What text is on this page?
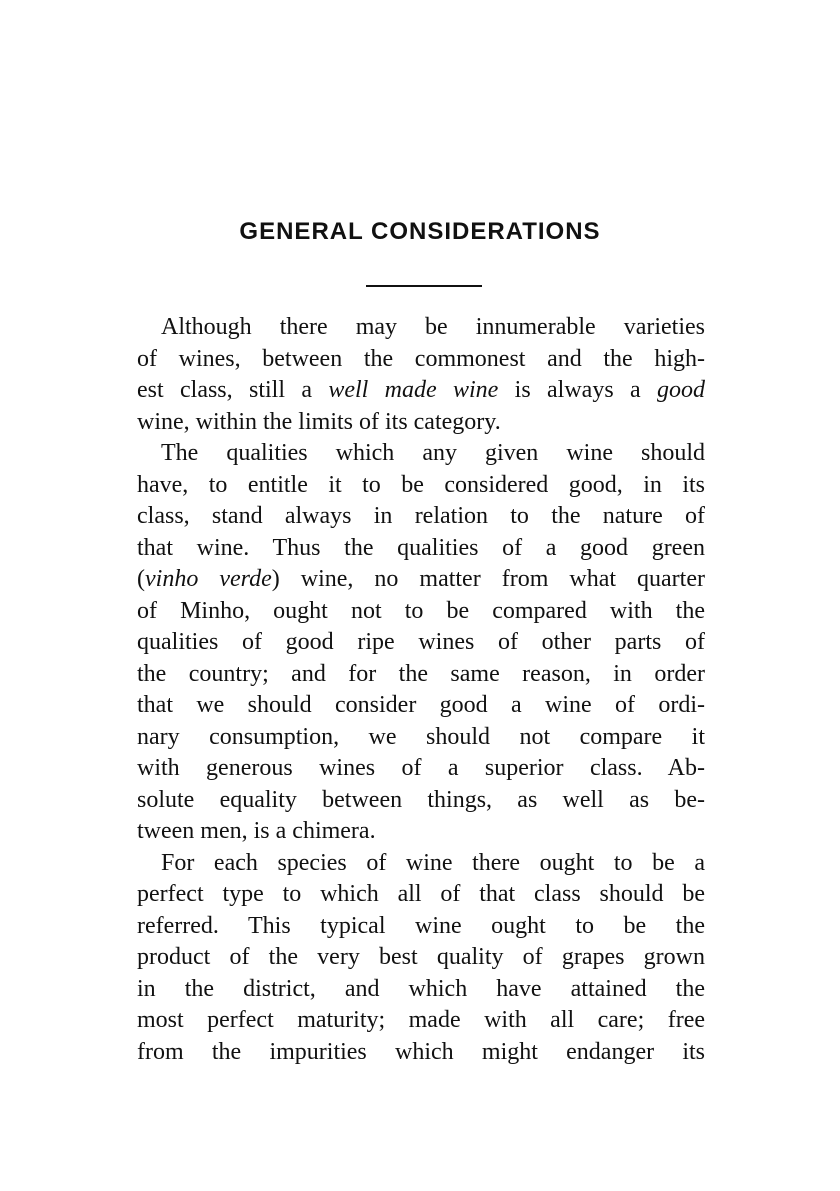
GENERAL CONSIDERATIONS
Although there may be innumerable varieties
of wines, between the commonest and the high-
est class, still a well made wine is always a good
wine, within the limits of its category.
The qualities which any given wine should
have, to entitle it to be considered good, in its
class, stand always in relation to the nature of
that wine. Thus the qualities of a good green
(vinho verde) wine, no matter from what quarter
of Minho, ought not to be compared with the
qualities of good ripe wines of other parts of
the country; and for the same reason, in order
that we should consider good a wine of ordi-
nary consumption, we should not compare it
with generous wines of a superior class. Ab-
solute equality between things, as well as be-
tween men, is a chimera.
For each species of wine there ought to be a
perfect type to which all of that class should be
referred. This typical wine ought to be the
product of the very best quality of grapes grown
in the district, and which have attained the
most perfect maturity; made with all care; free
from the impurities which might endanger its
